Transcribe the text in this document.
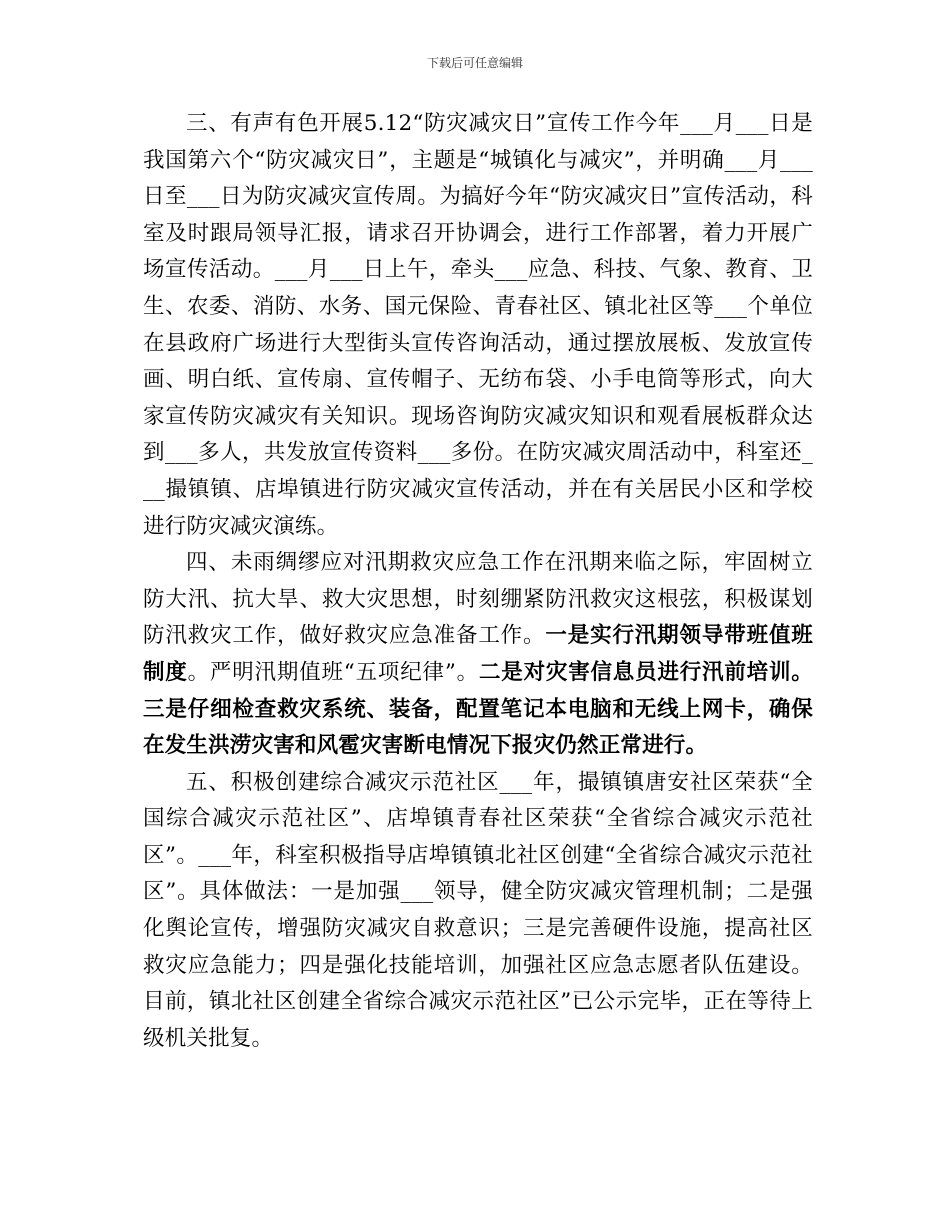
下载后可任意编辑

三、有声有色开展5.12“防灾减灾日”宣传工作今年___月___日是我国第六个“防灾减灾日”，主题是“城镇化与减灾”，并明确___月___日至___日为防灾减灾宣传周。为搞好今年“防灾减灾日”宣传活动，科室及时跟局领导汇报，请求召开协调会，进行工作部署，着力开展广场宣传活动。___月___日上午，牵头___应急、科技、气象、教育、卫生、农委、消防、水务、国元保险、青春社区、镇北社区等___个单位在县政府广场进行大型街头宣传咨询活动，通过摆放展板、发放宣传画、明白纸、宣传扇、宣传帽子、无纺布袋、小手电筒等形式，向大家宣传防灾减灾有关知识。现场咨询防灾减灾知识和观看展板群众达到___多人，共发放宣传资料___多份。在防灾减灾周活动中，科室还___撮镇镇、店埠镇进行防灾减灾宣传活动，并在有关居民小区和学校进行防灾减灾演练。

四、未雨绸缪应对汛期救灾应急工作在汛期来临之际，牢固树立防大汛、抗大旱、救大灾思想，时刻绷紧防汛救灾这根弦，积极谋划防汛救灾工作，做好救灾应急准备工作。一是实行汛期领导带班值班制度。严明汛期值班“五项纪律”。二是对灾害信息员进行汛前培训。三是仔细检查救灾系统、装备，配置笔记本电脑和无线上网卡，确保在发生洪涝灾害和风雹灾害断电情况下报灾仍然正常进行。

五、积极创建综合减灾示范社区___年，撮镇镇唐安社区荣获“全国综合减灾示范社区”、店埠镇青春社区荣获“全省综合减灾示范社区”。___年，科室积极指导店埠镇镇北社区创建“全省综合减灾示范社区”。具体做法：一是加强___领导，健全防灾减灾管理机制；二是强化舆论宣传，增强防灾减灾自救意识；三是完善硬件设施，提高社区救灾应急能力；四是强化技能培训，加强社区应急志愿者队伍建设。目前，镇北社区创建全省综合减灾示范社区”已公示完毕，正在等待上级机关批复。
